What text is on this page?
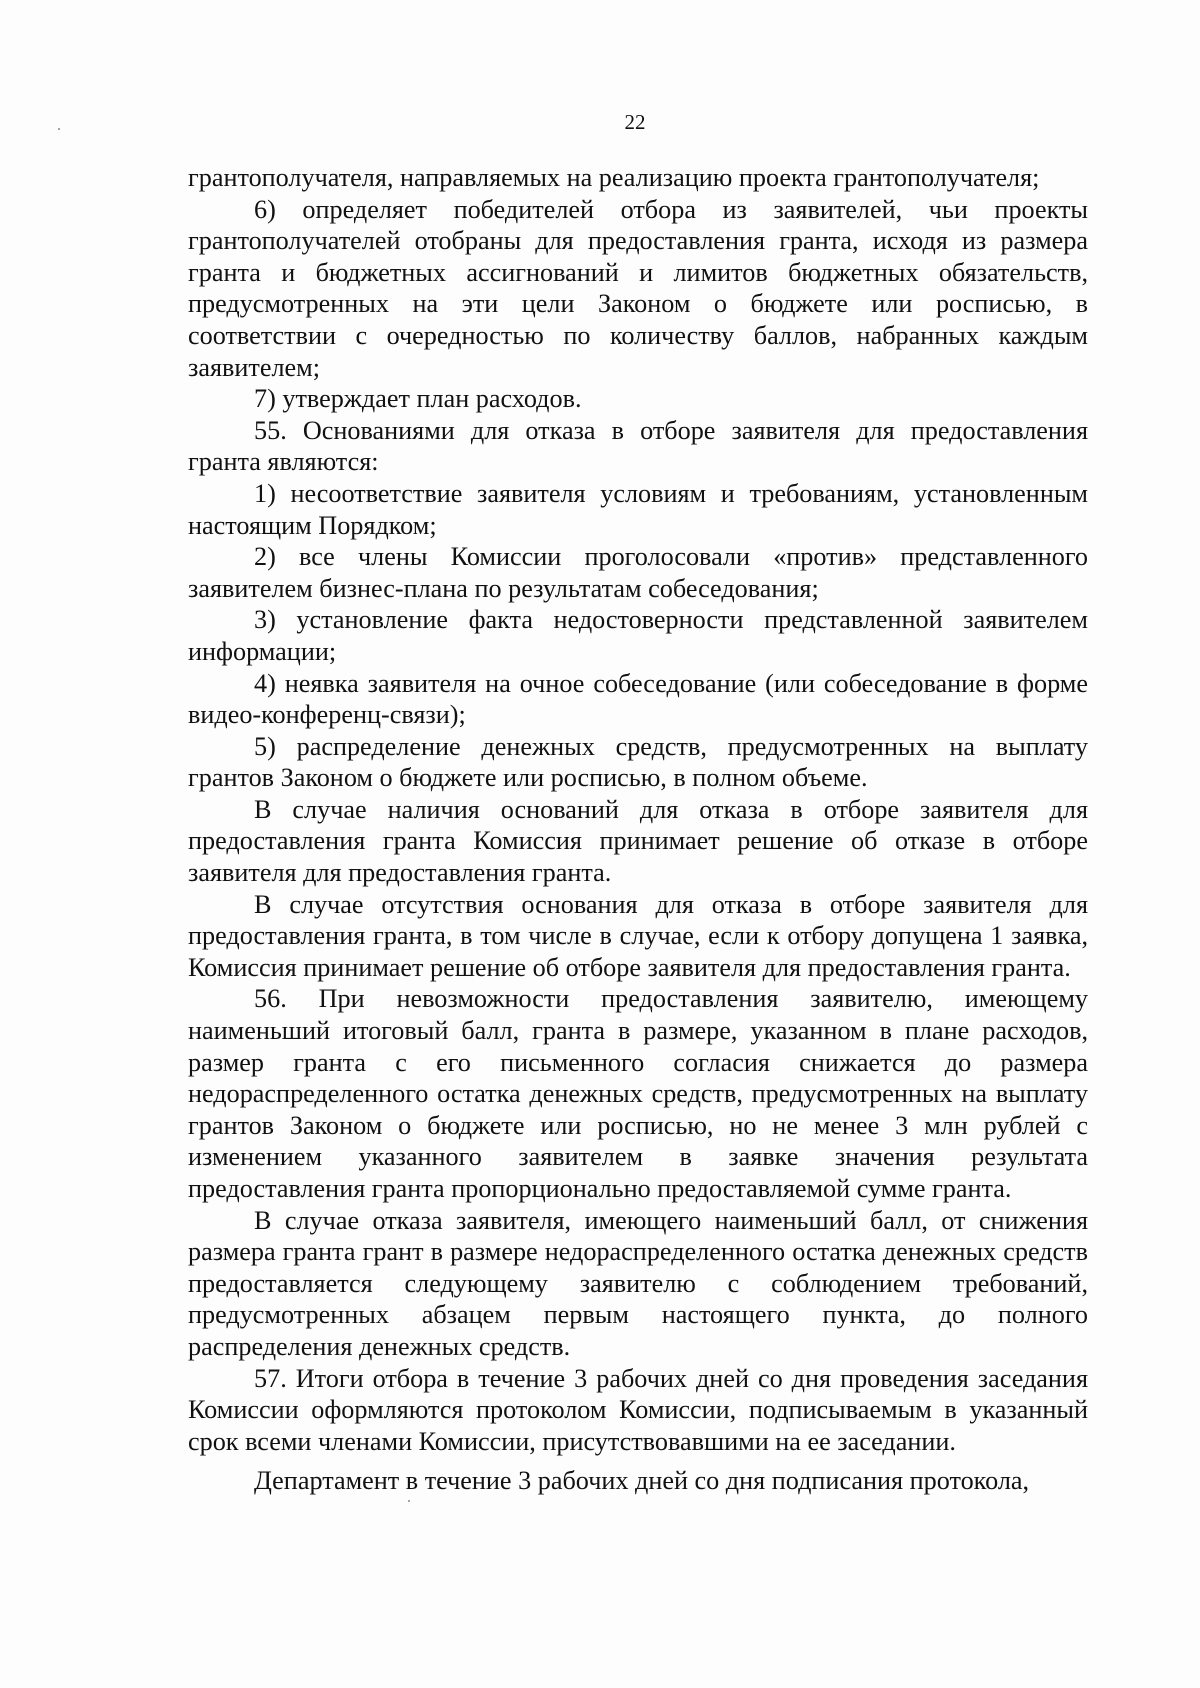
22

грантополучателя, направляемых на реализацию проекта грантополучателя;

6) определяет победителей отбора из заявителей, чьи проекты грантополучателей отобраны для предоставления гранта, исходя из размера гранта и бюджетных ассигнований и лимитов бюджетных обязательств, предусмотренных на эти цели Законом о бюджете или росписью, в соответствии с очередностью по количеству баллов, набранных каждым заявителем;

7) утверждает план расходов.

55. Основаниями для отказа в отборе заявителя для предоставления гранта являются:

1) несоответствие заявителя условиям и требованиям, установленным настоящим Порядком;

2) все члены Комиссии проголосовали «против» представленного заявителем бизнес-плана по результатам собеседования;

3) установление факта недостоверности представленной заявителем информации;

4) неявка заявителя на очное собеседование (или собеседование в форме видео-конференц-связи);

5) распределение денежных средств, предусмотренных на выплату грантов Законом о бюджете или росписью, в полном объеме.

В случае наличия оснований для отказа в отборе заявителя для предоставления гранта Комиссия принимает решение об отказе в отборе заявителя для предоставления гранта.

В случае отсутствия основания для отказа в отборе заявителя для предоставления гранта, в том числе в случае, если к отбору допущена 1 заявка, Комиссия принимает решение об отборе заявителя для предоставления гранта.

56. При невозможности предоставления заявителю, имеющему наименьший итоговый балл, гранта в размере, указанном в плане расходов, размер гранта с его письменного согласия снижается до размера недораспределенного остатка денежных средств, предусмотренных на выплату грантов Законом о бюджете или росписью, но не менее 3 млн рублей с изменением указанного заявителем в заявке значения результата предоставления гранта пропорционально предоставляемой сумме гранта.

В случае отказа заявителя, имеющего наименьший балл, от снижения размера гранта грант в размере недораспределенного остатка денежных средств предоставляется следующему заявителю с соблюдением требований, предусмотренных абзацем первым настоящего пункта, до полного распределения денежных средств.

57. Итоги отбора в течение 3 рабочих дней со дня проведения заседания Комиссии оформляются протоколом Комиссии, подписываемым в указанный срок всеми членами Комиссии, присутствовавшими на ее заседании.

Департамент в течение 3 рабочих дней со дня подписания протокола,
